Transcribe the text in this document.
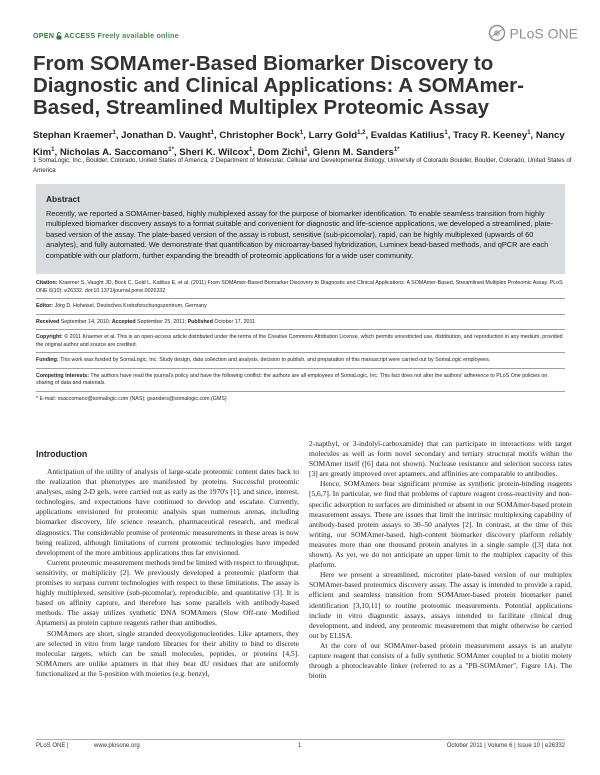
OPEN ACCESS Freely available online	PLoS ONE
From SOMAmer-Based Biomarker Discovery to Diagnostic and Clinical Applications: A SOMAmer-Based, Streamlined Multiplex Proteomic Assay

Stephan Kraemer$^1$, Jonathan D. Vaught$^1$, Christopher Bock$^1$, Larry Gold$^{1,2}$, Evaldas Katilius$^1$, Tracy R. Keeney$^1$, Nancy Kim$^1$, Nicholas A. Saccomano$^{1*}$, Sheri K. Wilcox$^1$, Dom Zichi$^1$, Glenn M. Sanders$^{1*}$

1 SomaLogic, Inc., Boulder, Colorado, United States of America, 2 Department of Molecular, Cellular and Developmental Biology, University of Colorado Boulder, Boulder, Colorado, United States of America

Abstract

Recently, we reported a SOMAmer-based, highly multiplexed assay for the purpose of biomarker identification. To enable seamless transition from highly multiplexed biomarker discovery assays to a format suitable and convenient for diagnostic and life-science applications, we developed a streamlined, plate-based version of the assay. The plate-based version of the assay is robust, sensitive (sub-picomolar), rapid, can be highly multiplexed (upwards of 60 analytes), and fully automated. We demonstrate that quantification by microarray-based hybridization, Luminex bead-based methods, and qPCR are each compatible with our platform, further expanding the breadth of proteomic applications for a wide user community.

Citation: Kraemer S, Vaught JD, Bock C, Gold L, Katilius E, et al. (2011) From SOMAmer-Based Biomarker Discovery to Diagnostic and Clinical Applications: A SOMAmer-Based, Streamlined Multiplex Proteomic Assay. PLoS ONE 6(10): e26332. doi:10.1371/journal.pone.0026332

Editor: Jörg D. Hoheisel, Deutsches Krebsforschungszentrum, Germany

Received September 14, 2010; Accepted September 25, 2011; Published October 17, 2011

Copyright: © 2011 Kraemer et al. This is an open-access article distributed under the terms of the Creative Commons Attribution License, which permits unrestricted use, distribution, and reproduction in any medium, provided the original author and source are credited.

Funding: This work was funded by SomaLogic, Inc. Study design, data collection and analysis, decision to publish, and preparation of this manuscript were carried out by SomaLogic employees.

Competing Interests: The authors have read the journal's policy and have the following conflict: the authors are all employees of SomaLogic, Inc. This fact does not alter the authors' adherence to PLoS One policies on sharing of data and materials.

* E-mail: nsaccomano@somalogic.com (NAS); gsanders@somalogic.com (GMS)

Introduction

Anticipation of the utility of analysis of large-scale proteomic content dates back to the realization that phenotypes are manifested by proteins. Successful proteomic analyses, using 2-D gels, were carried out as early as the 1970's [1], and since, interest, technologies, and expectations have continued to develop and escalate. Currently, applications envisioned for proteomic analysis span numerous arenas, including biomarker discovery, life science research, pharmaceutical research, and medical diagnostics. The considerable promise of proteomic measurements in these areas is now being realized, although limitations of current proteomic technologies have impeded development of the more ambitious applications thus far envisioned.

Current proteomic measurement methods tend be limited with respect to throughput, sensitivity, or multiplicity [2]. We previously developed a proteomic platform that promises to surpass current technologies with respect to these limitations. The assay is highly multiplexed, sensitive (sub-picomolar), reproducible, and quantitative [3]. It is based on affinity capture, and therefore has some parallels with antibody-based methods. The assay utilizes synthetic DNA SOMAmers (Slow Off-rate Modified Aptamers) as protein capture reagents rather than antibodies.

SOMAmers are short, single stranded deoxyoligonucleotides. Like aptamers, they are selected in vitro from large random libraries for their ability to bind to discrete molecular targets, which can be small molecules, peptides, or proteins [4,5]. SOMAmers are unlike aptamers in that they bear dU residues that are uniformly functionalized at the 5-position with moieties (e.g. benzyl,

2-napthyl, or 3-indolyl-carboxamide) that can participate in interactions with target molecules as well as form novel secondary and tertiary structural motifs within the SOMAmer itself ([6] data not shown). Nuclease resistance and selection success rates [3] are greatly improved over aptamers, and affinities are comparable to antibodies.

Hence, SOMAmers bear significant promise as synthetic protein-binding reagents [5,6,7]. In particular, we find that problems of capture reagent cross-reactivity and non-specific adsorption to surfaces are diminished or absent in our SOMAmer-based protein measurement assays. These are issues that limit the intrinsic multiplexing capability of antibody-based protein assays to 30–50 analytes [2]. In contrast, at the time of this writing, our SOMAmer-based, high-content biomarker discovery platform reliably measures more than one thousand protein analytes in a single sample ([3] data not shown). As yet, we do not anticipate an upper limit to the multiplex capacity of this platform.

Here we present a streamlined, microtiter plate-based version of our multiplex SOMAmer-based proteomics discovery assay. The assay is intended to provide a rapid, efficient and seamless transition from SOMAmer-based protein biomarker panel identification [3,10,11] to routine proteomic measurements. Potential applications include in vitro diagnostic assays, assays intended to facilitate clinical drug development, and indeed, any proteomic measurement that might otherwise be carried out by ELISA.

At the core of our SOMAmer-based protein measurement assays is an analyte capture reagent that consists of a fully synthetic SOMAmer coupled to a biotin moiety through a photocleavable linker (referred to as a "PB-SOMAmer", Figure 1A). The biotin

PLoS ONE |	www.plosone.org	1	October 2011 | Volume 6 | Issue 10 | e26332
